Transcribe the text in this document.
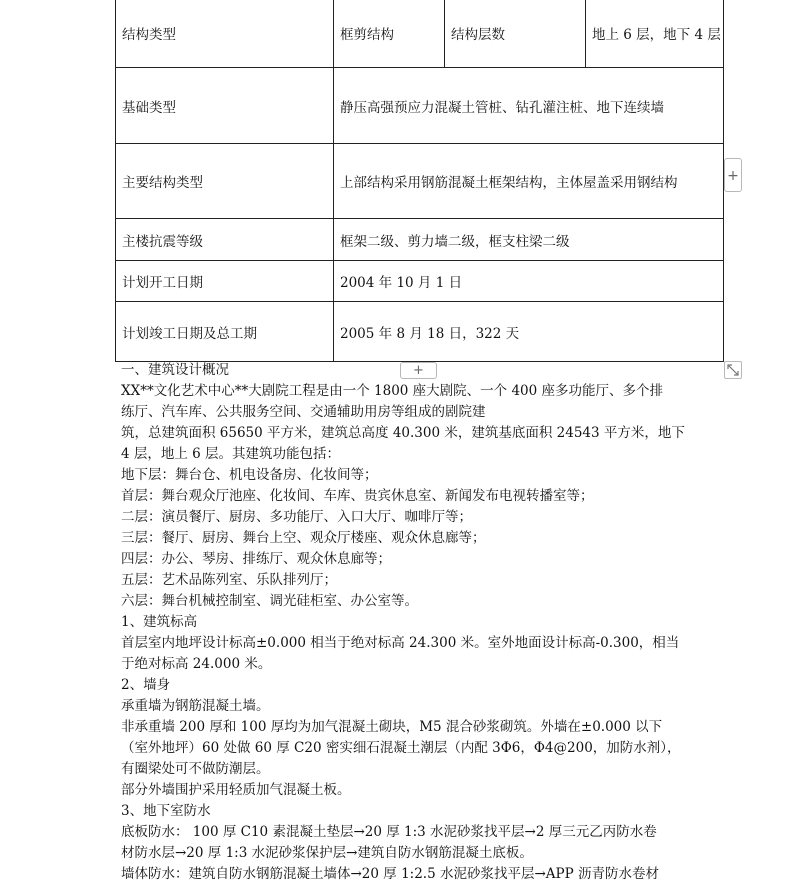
结构类型	框剪结构	结构层数	地上 6 层，地下 4 层
基础类型	静压高强预应力混凝土管桩、钻孔灌注桩、地下连续墙		
主要结构类型	上部结构采用钢筋混凝土框架结构，主体屋盖采用钢结构		
主楼抗震等级	框架二级、剪力墙二级，框支柱梁二级		
计划开工日期	2004 年 10 月 1 日		
计划竣工日期及总工期	2005 年 8 月 18 日，322 天		
+
+

一、建筑设计概况

XX**文化艺术中心**大剧院工程是由一个 1800 座大剧院、一个 400 座多功能厅、多个排

练厅、汽车库、公共服务空间、交通辅助用房等组成的剧院建

筑，总建筑面积 65650 平方米，建筑总高度 40.300 米，建筑基底面积 24543 平方米，地下

4 层，地上 6 层。其建筑功能包括：

地下层：舞台仓、机电设备房、化妆间等；

首层：舞台观众厅池座、化妆间、车库、贵宾休息室、新闻发布电视转播室等；

二层：演员餐厅、厨房、多功能厅、入口大厅、咖啡厅等；

三层：餐厅、厨房、舞台上空、观众厅楼座、观众休息廊等；

四层：办公、琴房、排练厅、观众休息廊等；

五层：艺术品陈列室、乐队排列厅；

六层：舞台机械控制室、调光硅柜室、办公室等。

1、建筑标高

首层室内地坪设计标高±0.000 相当于绝对标高 24.300 米。室外地面设计标高-0.300，相当

于绝对标高 24.000 米。

2、墙身

承重墙为钢筋混凝土墙。

非承重墙 200 厚和 100 厚均为加气混凝土砌块，M5 混合砂浆砌筑。外墙在±0.000 以下

（室外地坪）60 处做 60 厚 C20 密实细石混凝土潮层（内配 3Φ6，Φ4@200，加防水剂），

有圈梁处可不做防潮层。

部分外墙围护采用轻质加气混凝土板。

3、地下室防水

底板防水： 100 厚 C10 素混凝土垫层→20 厚 1:3 水泥砂浆找平层→2 厚三元乙丙防水卷

材防水层→20 厚 1:3 水泥砂浆保护层→建筑自防水钢筋混凝土底板。

墙体防水：建筑自防水钢筋混凝土墙体→20 厚 1:2.5 水泥砂浆找平层→APP 沥青防水卷材
